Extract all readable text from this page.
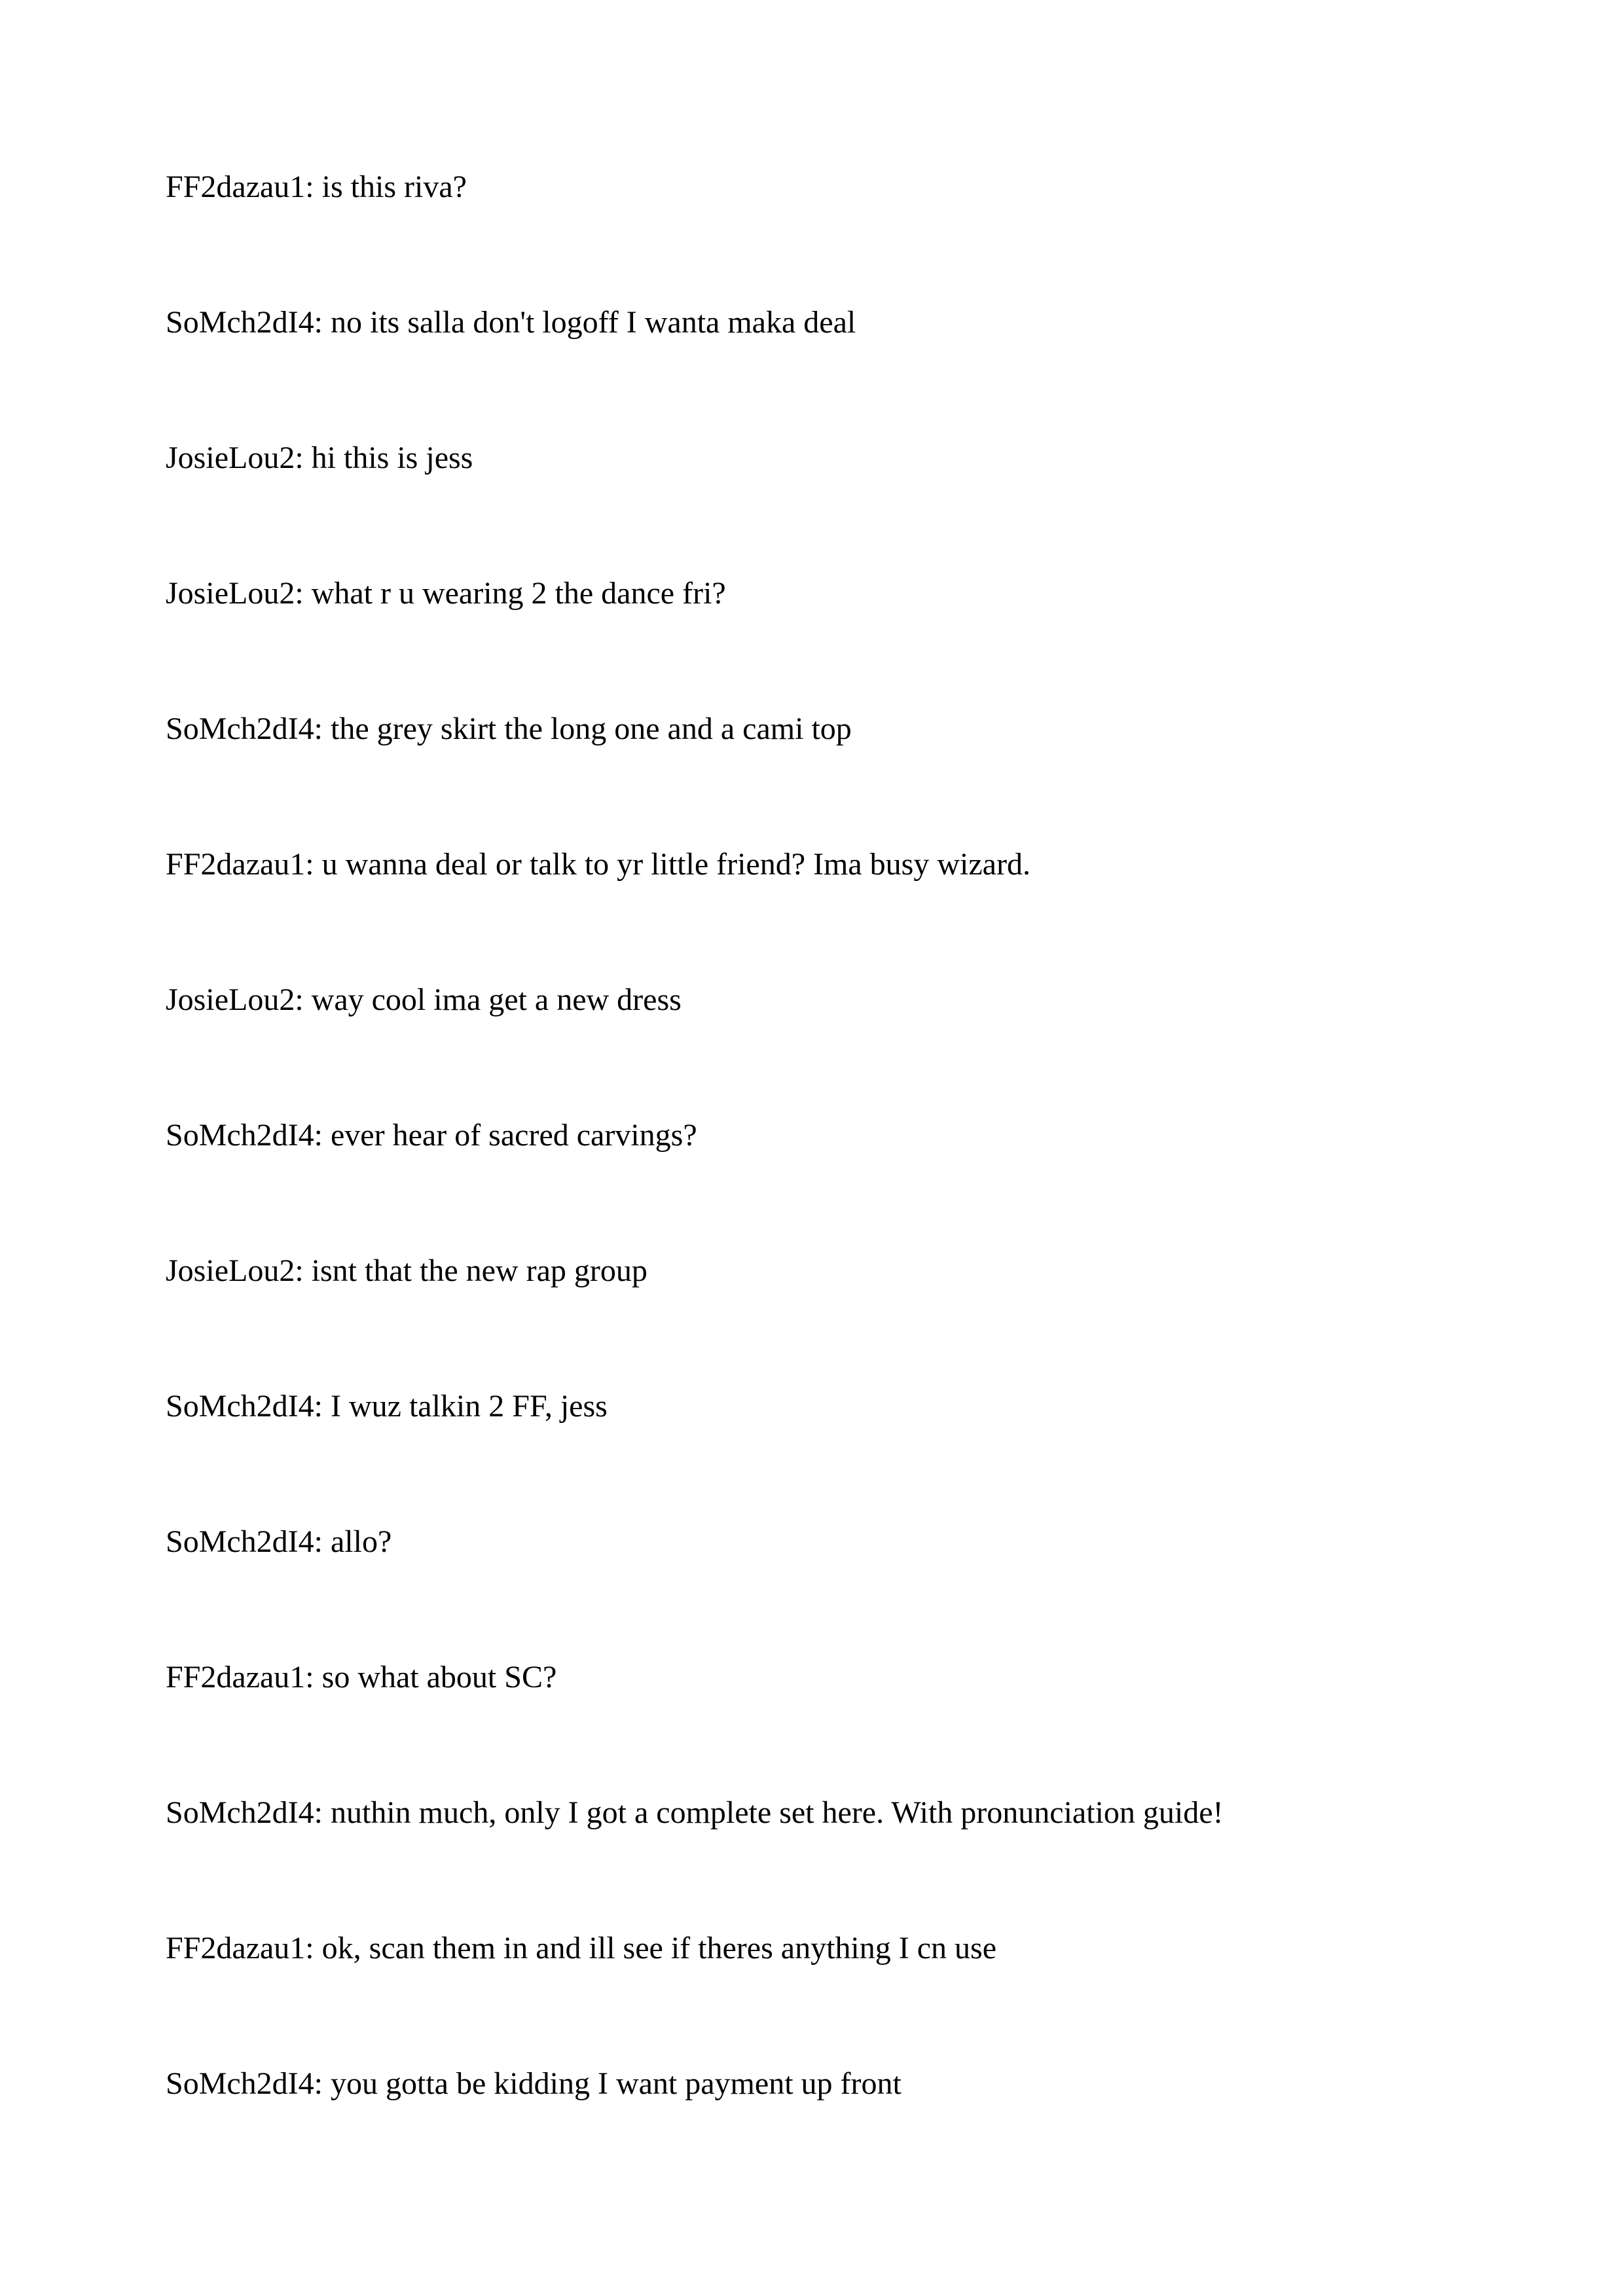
FF2dazau1: is this riva?
SoMch2dI4: no its salla don't logoff I wanta maka deal
JosieLou2: hi this is jess
JosieLou2: what r u wearing 2 the dance fri?
SoMch2dI4: the grey skirt the long one and a cami top
FF2dazau1: u wanna deal or talk to yr little friend? Ima busy wizard.
JosieLou2: way cool ima get a new dress
SoMch2dI4: ever hear of sacred carvings?
JosieLou2: isnt that the new rap group
SoMch2dI4: I wuz talkin 2 FF, jess
SoMch2dI4: allo?
FF2dazau1: so what about SC?
SoMch2dI4: nuthin much, only I got a complete set here. With pronunciation guide!
FF2dazau1: ok, scan them in and ill see if theres anything I cn use
SoMch2dI4: you gotta be kidding I want payment up front
